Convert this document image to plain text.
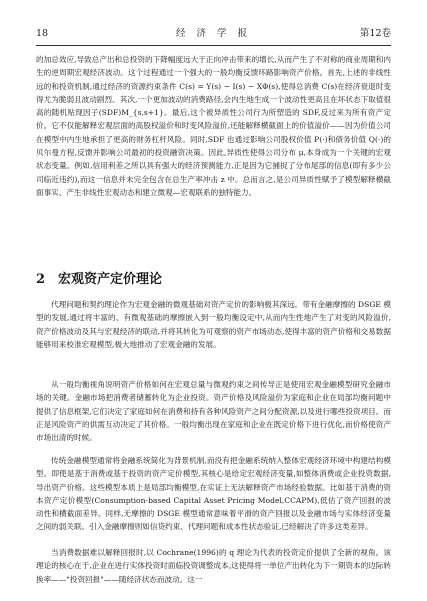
18	经 济 学 报	第12卷

的加总效应,导致总产出和总投资的下降幅度远大于正向冲击带来的增长,从而产生了不对称的商业周期和内生的逆周期宏观经济波动。这个过程通过一个强大的一般均衡反馈环路影响资产价格。首先,上述的非线性远的和投资机制,通过经济的资源约束条件 C(s) = Y(s) − I(s) − XΦ(s),使得总消费 C(s)在经济衰退时变得尤为脆弱且波动剧烈。其次,一个更加波动的消费路径,会内生地生成一个波动性更高且在坏状态下取值很高的随机贴现因子(SDF)M_{s,s+1}。最后,这个被异质性公司行为所塑造的 SDF,反过来为所有资产定价。它不仅能解释宏观层面的高股权溢价和时变风险溢价,还能解释横截面上的价值溢价——因为价值公司在模型中内生地承担了更高的财务杠杆风险。同时,SDF 也通过影响公司股权价值 P(·)和债务价值 Q(·)的贝尔曼方程,反馈并影响公司最初的投资融资决策。因此,异质性使得公司分布 μ,本身成为一个关键的宏观状态变量。例如,信用利差之所以具有强大的经济预测能力,正是因为它捕捉了分布尾部的信息(即有多少公司临近违约),而这一信息并未完全包含在总生产率冲击 z 中。总而言之,是公司异质性赋予了模型解释横截面事实、产生非线性宏观动态和建立微观—宏观联系的独特能力。

2 宏观资产定价理论

代理问题和契约理论作为宏观金融的微观基础对资产定价的影响极其深远。带有金融摩擦的 DSGE 模型的发展,通过将丰富的、有微观基础的摩擦嵌入到一般均衡设定中,从而内生性地产生了对变的风险溢价,资产价格波动及其与宏观经济的联动,并将其转化为可观察的资产市场动态,使得丰富的资产价格和交易数据能够用来校准宏观模型,极大地推动了宏观金融的发展。

从一般均衡视角说明资产价格如何在宏观总量与微观约束之间传导正是使用宏观金融模型研究金融市场的关键。金融市场把消费者储蓄转化为企业投资。资产价格及风险溢价为家庭和企业在局部均衡问题中提供了信息框架,它们决定了家庭如何在消费和持有各种风险资产之间分配资源,以及进行哪些投资项目。而正是风险资产的供需互动决定了其价格。一般均衡出现在家庭和企业在既定价格下进行优化,而价格使资产市场出清的时候。

传统金融模型通常将金融系统简化为背景机制,而没有把金融系统纳入整体宏观经济环境中构建结构模型。即使是基于消费或基于投资的资产定价模型,其核心是给定宏观经济变量,如整体消费或企业投资数据,导出资产价格。这些模型本质上是局部均衡模型,在实证上无法解释资产市场经验数据。比如基于消费的资本资产定价模型(Consumption-based Capital Asset Pricing Model,CCAPM),低估了资产回报的波动性和横截面差异。同样,无摩擦的 DSGE 模型通常意味着平滑的资产回报以及金融市场与实体经济变量之间的弱关联。引入金融摩擦则如信贷约束、代理问题和成本性状态验证,已经解决了许多这类差异。

当消费数据难以解释回报时,以 Cochrane(1996)的 q 理论为代表的投资定价提供了全新的视角。该理论的核心在于,企业在进行实体投资时面临投资调整成本,这使得将一单位产出转化为下一期资本的边际转换率——"投资回报"——随经济状态而波动。这一
